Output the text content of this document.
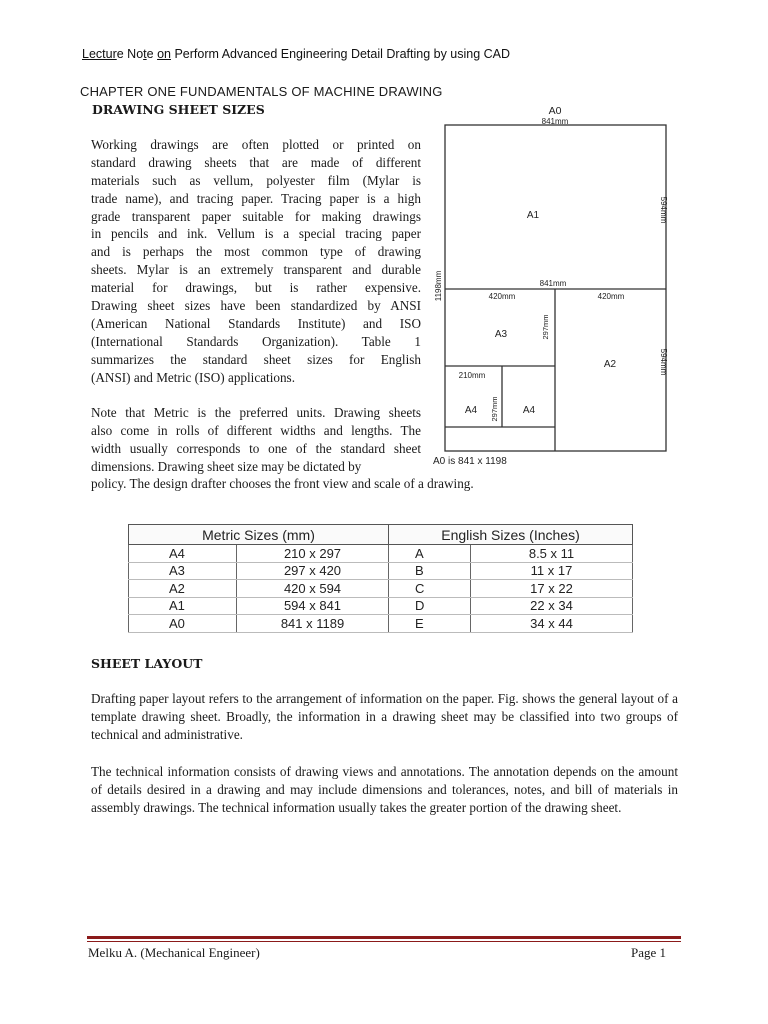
Lecture Note on Perform Advanced Engineering Detail Drafting by using CAD
CHAPTER ONE FUNDAMENTALS OF MACHINE DRAWING
DRAWING SHEET SIZES
Working drawings are often plotted or printed on
standard drawing sheets that are made of different
materials such as vellum, polyester film (Mylar is
trade name), and tracing paper. Tracing paper is a high
grade transparent paper suitable for making drawings
in pencils and ink. Vellum is a special tracing paper
and is perhaps the most common type of drawing
sheets. Mylar is an extremely transparent and durable
material for drawings, but is rather expensive.
Drawing sheet sizes have been standardized by ANSI
(American National Standards Institute) and ISO
(International Standards Organization). Table 1
summarizes the standard sheet sizes for English
(ANSI) and Metric (ISO) applications.
Note that Metric is the preferred units. Drawing sheets
also come in rolls of different widths and lengths. The
width usually corresponds to one of the standard sheet
dimensions. Drawing sheet size may be dictated by
policy. The design drafter chooses the front view and scale of a drawing.
A0
841mm
A1	594mm
1198mm	841mm
420mm	420mm
A3	297mm
A2	594mm
210mm
A4 297mm A4
A0 is 841 x 1198
Metric Sizes (mm)		English Sizes (Inches)	
A4	210 x 297	A	8.5 x 11
A3	297 x 420	B	11 x 17
A2	420 x 594	C	17 x 22
A1	594 x 841	D	22 x 34
A0	841 x 1189	E	34 x 44
SHEET LAYOUT
Drafting paper layout refers to the arrangement of information on the paper. Fig. shows the general layout of a template drawing sheet. Broadly, the information in a drawing sheet may be classified into two groups of technical and administrative.
The technical information consists of drawing views and annotations. The annotation depends on the amount of details desired in a drawing and may include dimensions and tolerances, notes, and bill of materials in assembly drawings. The technical information usually takes the greater portion of the drawing sheet.
Melku A. (Mechanical Engineer)	Page 1
